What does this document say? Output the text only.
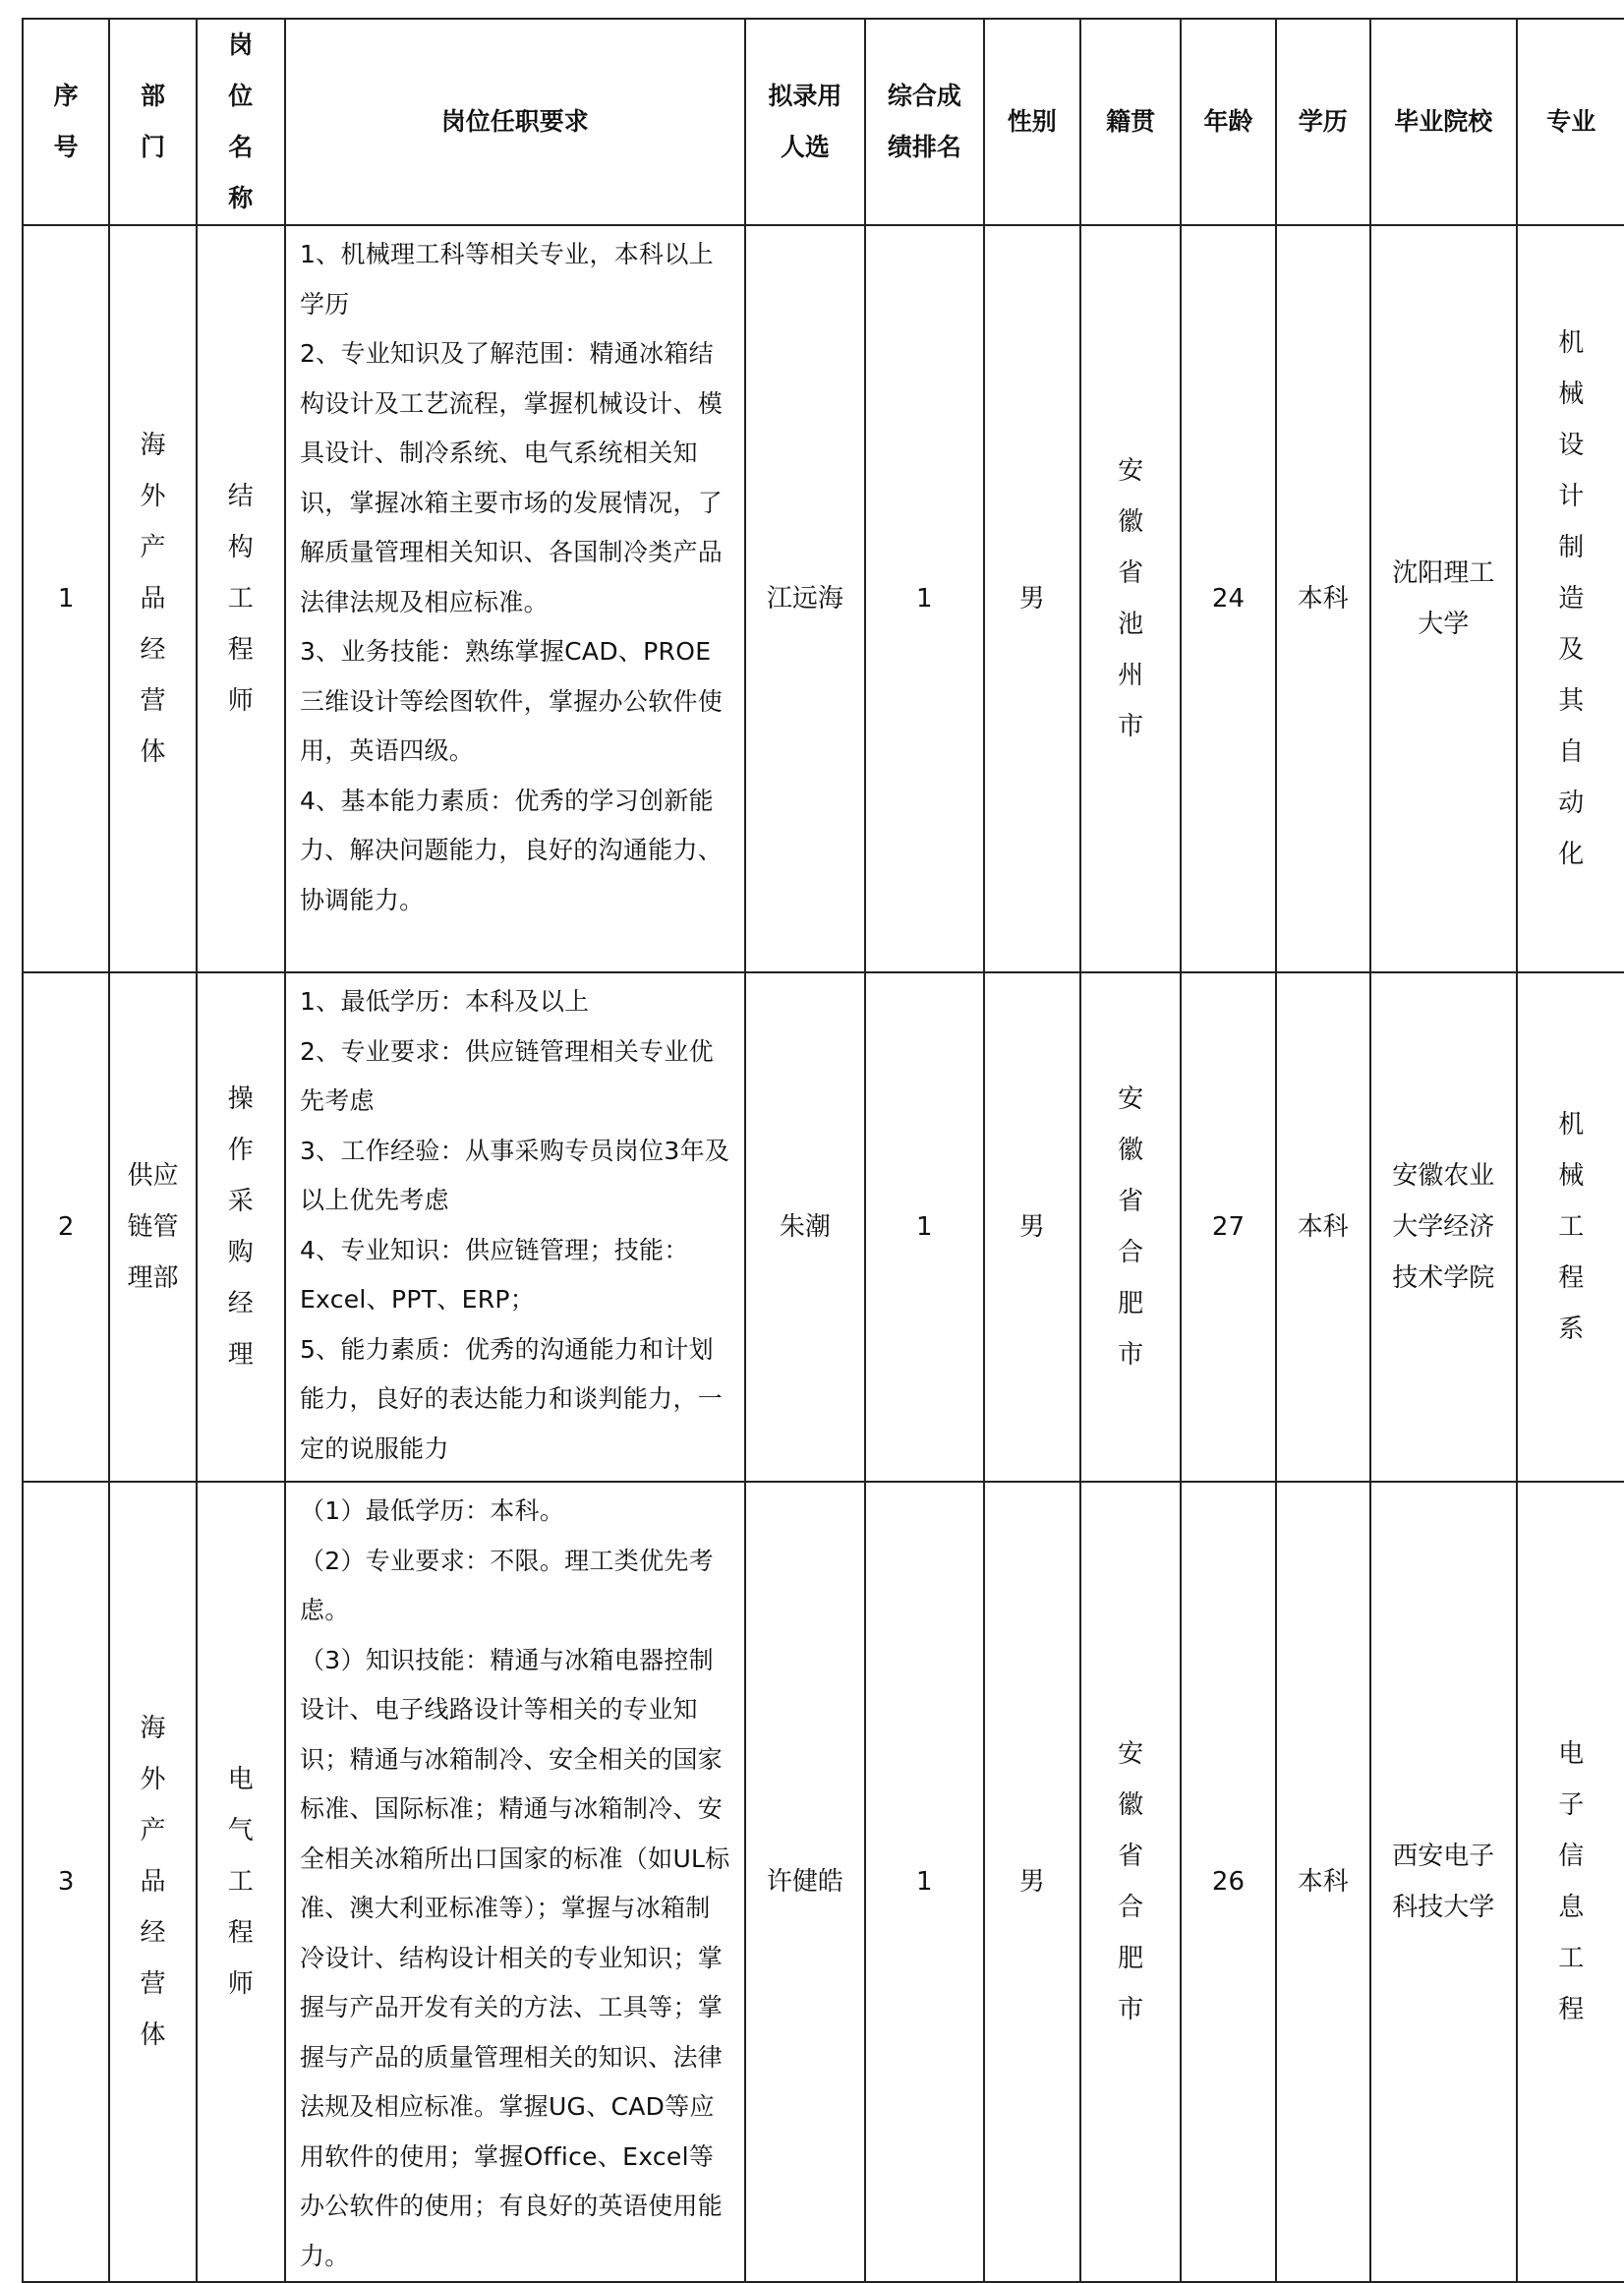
序号	部门	岗位名称	岗位任职要求	拟录用人选	综合成绩排名	性别	籍贯	年龄	学历	毕业院校	专业
1	海外产品经营体	结构工程师	1、机械理工科等相关专业，本科以上学历
2、专业知识及了解范围：精通冰箱结构设计及工艺流程，掌握机械设计、模具设计、制冷系统、电气系统相关知识，掌握冰箱主要市场的发展情况，了解质量管理相关知识、各国制冷类产品法律法规及相应标准。
3、业务技能：熟练掌握CAD、PROE三维设计等绘图软件，掌握办公软件使用，英语四级。
4、基本能力素质：优秀的学习创新能力、解决问题能力，良好的沟通能力、协调能力。	江远海	1	男	安徽省池州市	24	本科	沈阳理工大学	机械设计制造及其自动化
2	供应链管理部	操作采购经理	1、最低学历：本科及以上
2、专业要求：供应链管理相关专业优先考虑
3、工作经验：从事采购专员岗位3年及以上优先考虑
4、专业知识：供应链管理；技能：Excel、PPT、ERP；
5、能力素质：优秀的沟通能力和计划能力，良好的表达能力和谈判能力，一定的说服能力	朱潮	1	男	安徽省合肥市	27	本科	安徽农业大学经济技术学院	机械工程系
3	海外产品经营体	电气工程师	（1）最低学历：本科。
（2）专业要求：不限。理工类优先考虑。
（3）知识技能：精通与冰箱电器控制设计、电子线路设计等相关的专业知识；精通与冰箱制冷、安全相关的国家标准、国际标准；精通与冰箱制冷、安全相关冰箱所出口国家的标准（如UL标准、澳大利亚标准等）；掌握与冰箱制冷设计、结构设计相关的专业知识；掌握与产品开发有关的方法、工具等；掌握与产品的质量管理相关的知识、法律法规及相应标准。掌握UG、CAD等应用软件的使用；掌握Office、Excel等办公软件的使用；有良好的英语使用能力。	许健皓	1	男	安徽省合肥市	26	本科	西安电子科技大学	电子信息工程
